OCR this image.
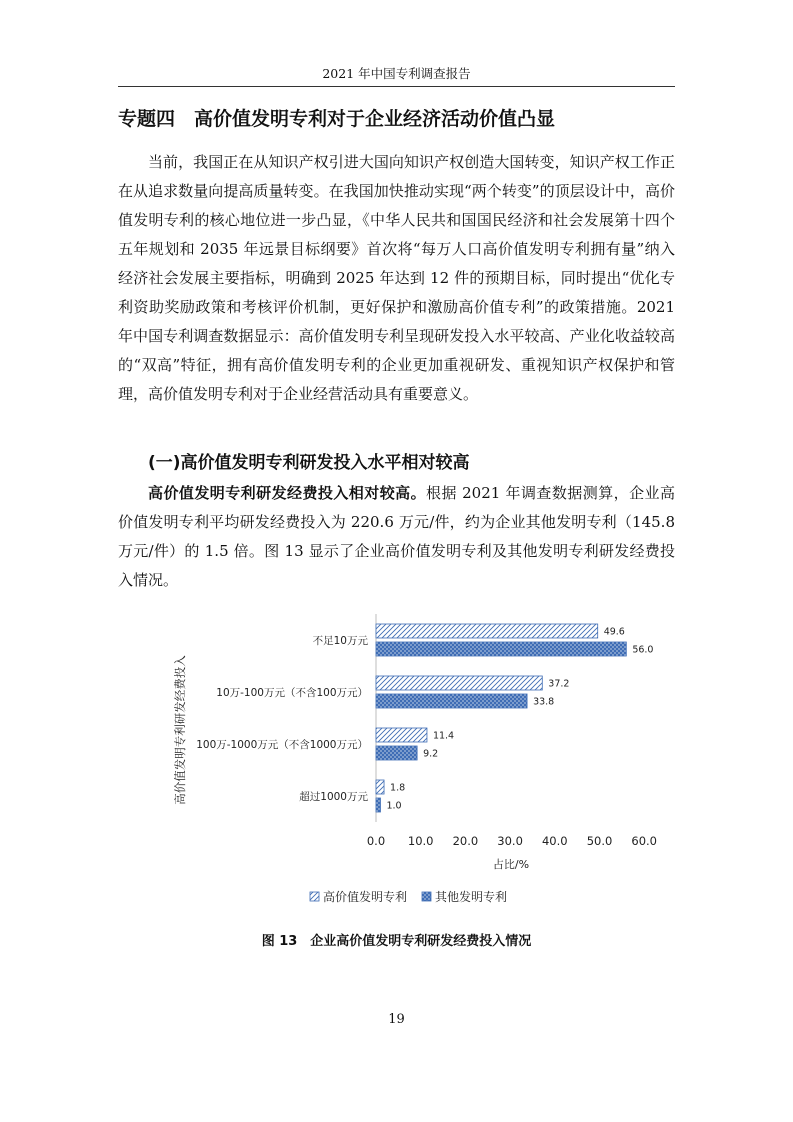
2021 年中国专利调查报告
专题四　高价值发明专利对于企业经济活动价值凸显

当前，我国正在从知识产权引进大国向知识产权创造大国转变，知识产权工作正在从追求数量向提高质量转变。在我国加快推动实现“两个转变”的顶层设计中，高价值发明专利的核心地位进一步凸显，《中华人民共和国国民经济和社会发展第十四个五年规划和 2035 年远景目标纲要》首次将“每万人口高价值发明专利拥有量”纳入经济社会发展主要指标，明确到 2025 年达到 12 件的预期目标，同时提出“优化专利资助奖励政策和考核评价机制，更好保护和激励高价值专利”的政策措施。2021 年中国专利调查数据显示：高价值发明专利呈现研发投入水平较高、产业化收益较高的“双高”特征，拥有高价值发明专利的企业更加重视研发、重视知识产权保护和管理，高价值发明专利对于企业经营活动具有重要意义。

(一)高价值发明专利研发投入水平相对较高

高价值发明专利研发经费投入相对较高。根据 2021 年调查数据测算，企业高价值发明专利平均研发经费投入为 220.6 万元/件，约为企业其他发明专利（145.8 万元/件）的 1.5 倍。图 13 显示了企业高价值发明专利及其他发明专利研发经费投入情况。

不足10万元
49.6
56.0
10万-100万元（不含100万元）
37.2
33.8
100万-1000万元（不含1000万元）
11.4
9.2
超过1000万元
1.8
1.0
0.0 10.0 20.0 30.0 40.0 50.0 60.0
高价值发明专利研发经费投入
占比/%
高价值发明专利 其他发明专利
图 13　企业高价值发明专利研发经费投入情况
19
